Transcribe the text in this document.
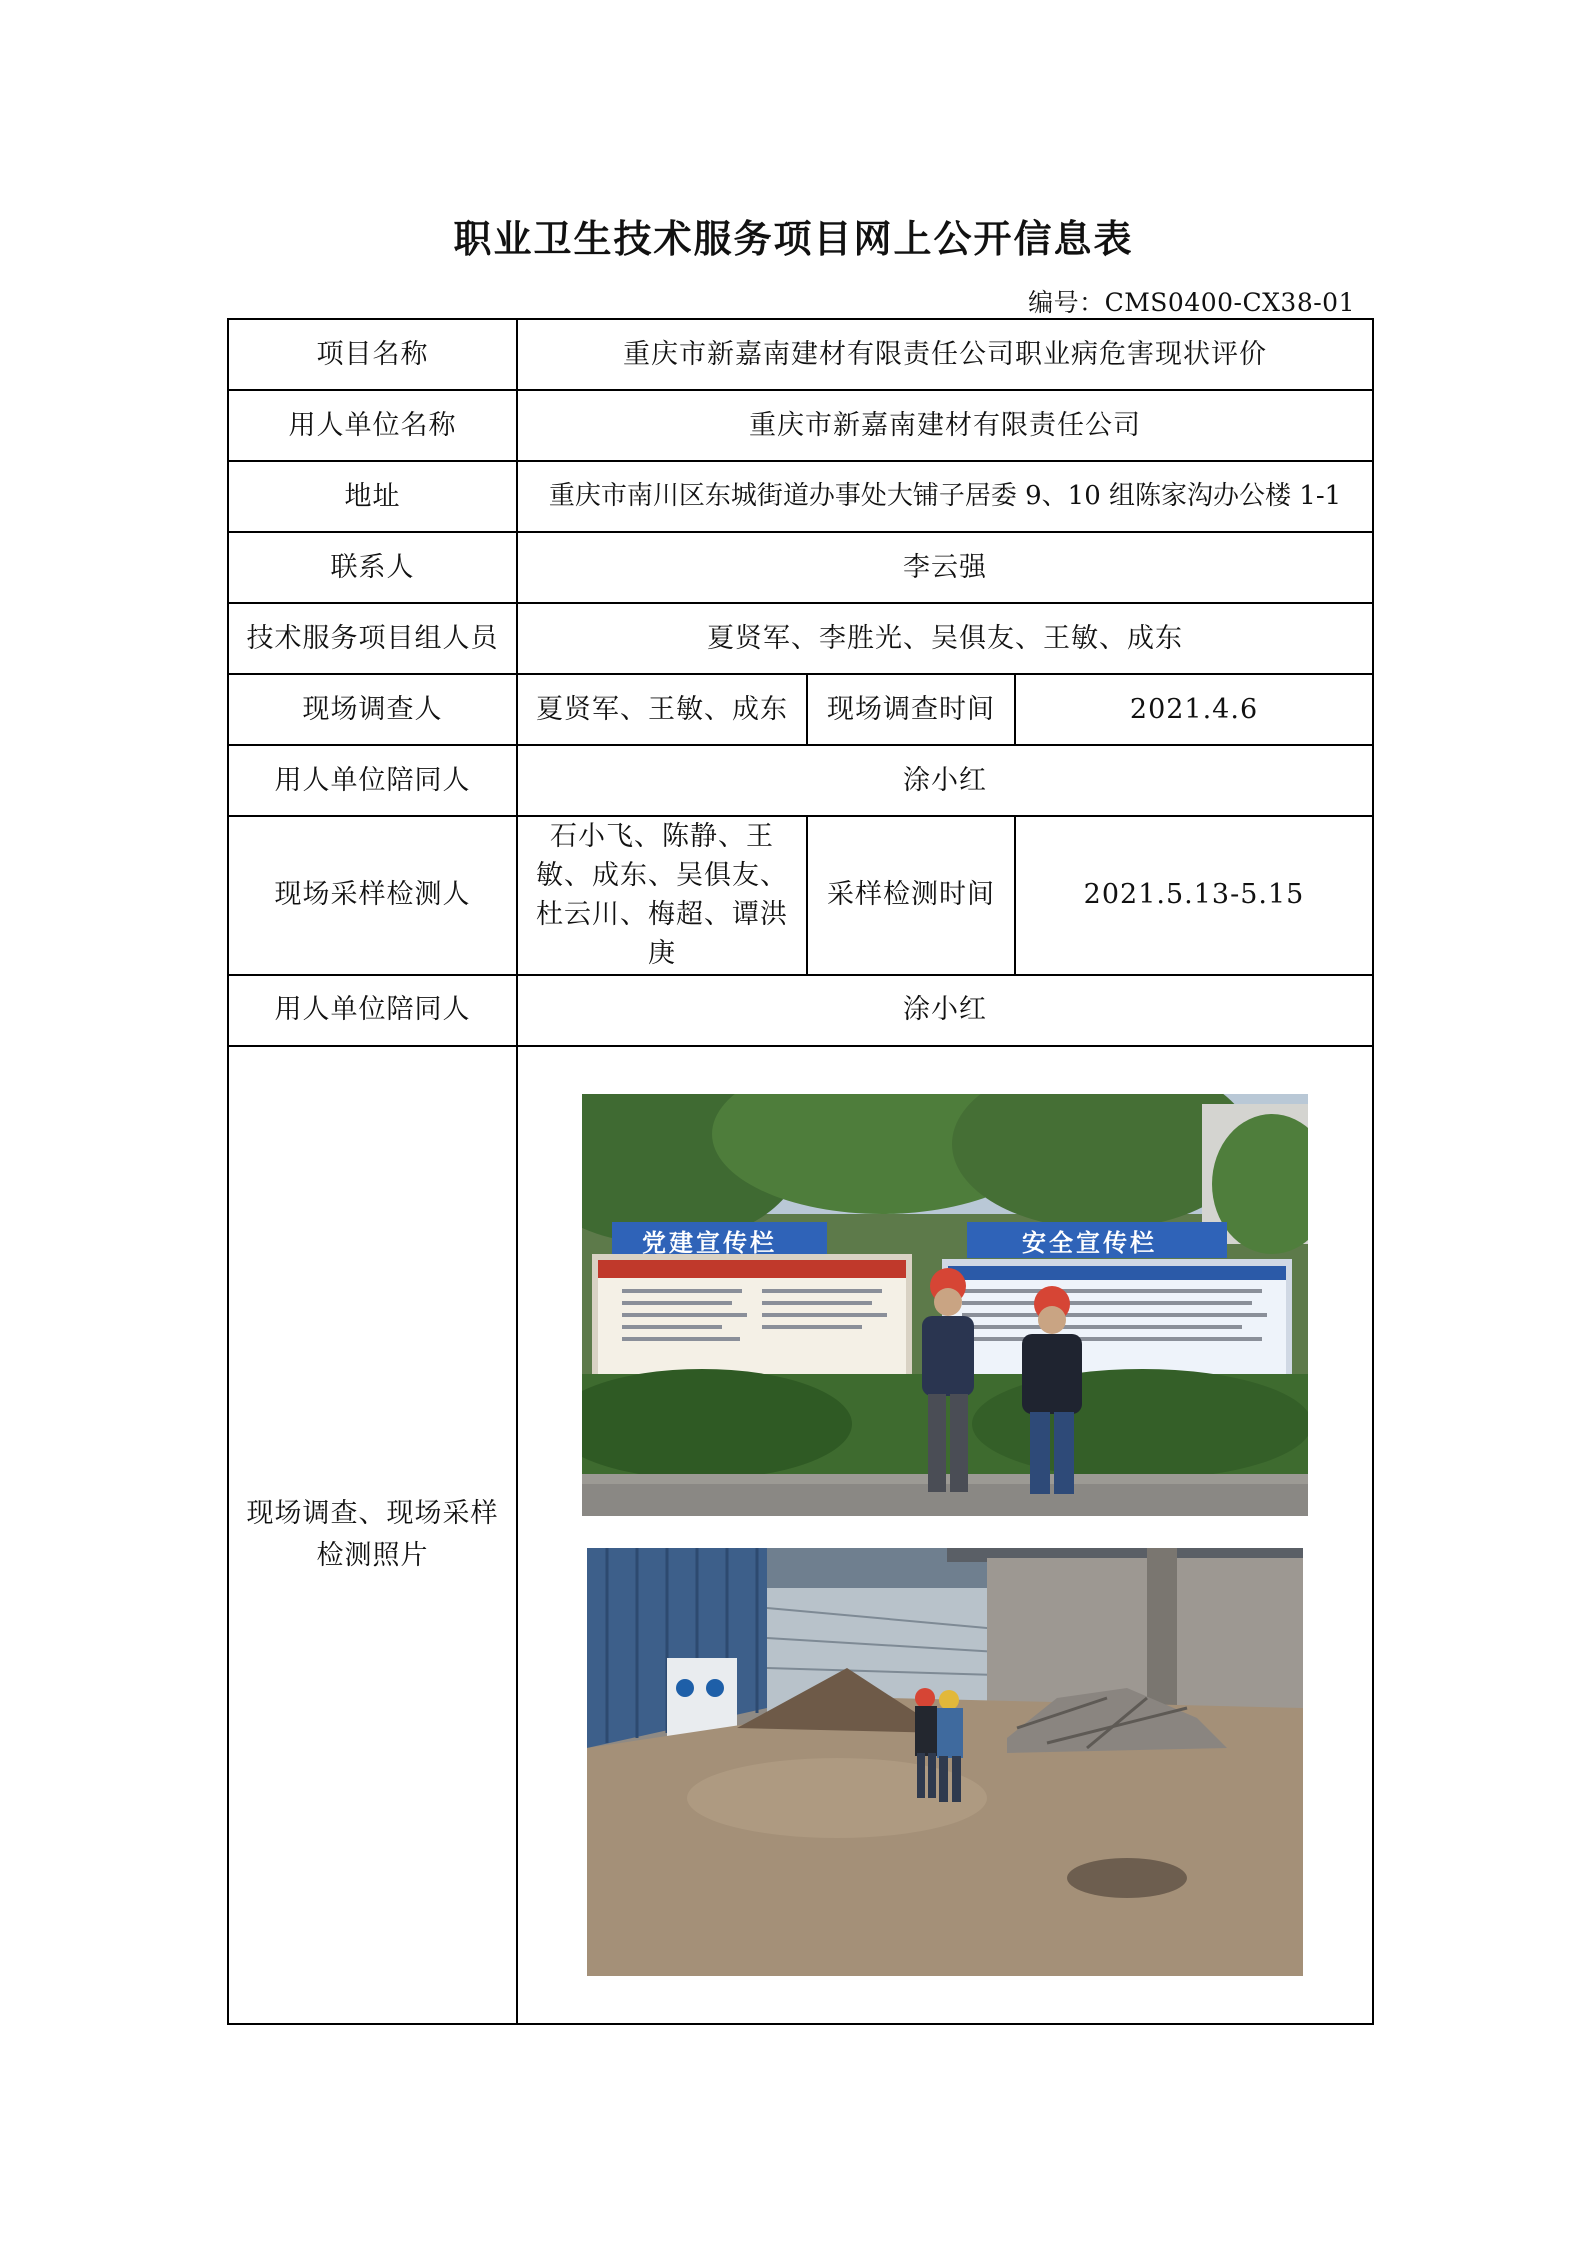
职业卫生技术服务项目网上公开信息表
编号：CMS0400-CX38-01
项目名称	重庆市新嘉南建材有限责任公司职业病危害现状评价		
用人单位名称	重庆市新嘉南建材有限责任公司		
地址	重庆市南川区东城街道办事处大铺子居委 9、10 组陈家沟办公楼 1-1		
联系人	李云强		
技术服务项目组人员	夏贤军、李胜光、吴俱友、王敏、成东		
现场调查人	夏贤军、王敏、成东	现场调查时间	2021.4.6
用人单位陪同人	涂小红		
现场采样检测人	石小飞、陈静、王敏、成东、吴俱友、杜云川、梅超、谭洪庚	采样检测时间	2021.5.13-5.15
用人单位陪同人	涂小红		
现场调查、现场采样检测照片	党建宣传栏 安全宣传栏		
